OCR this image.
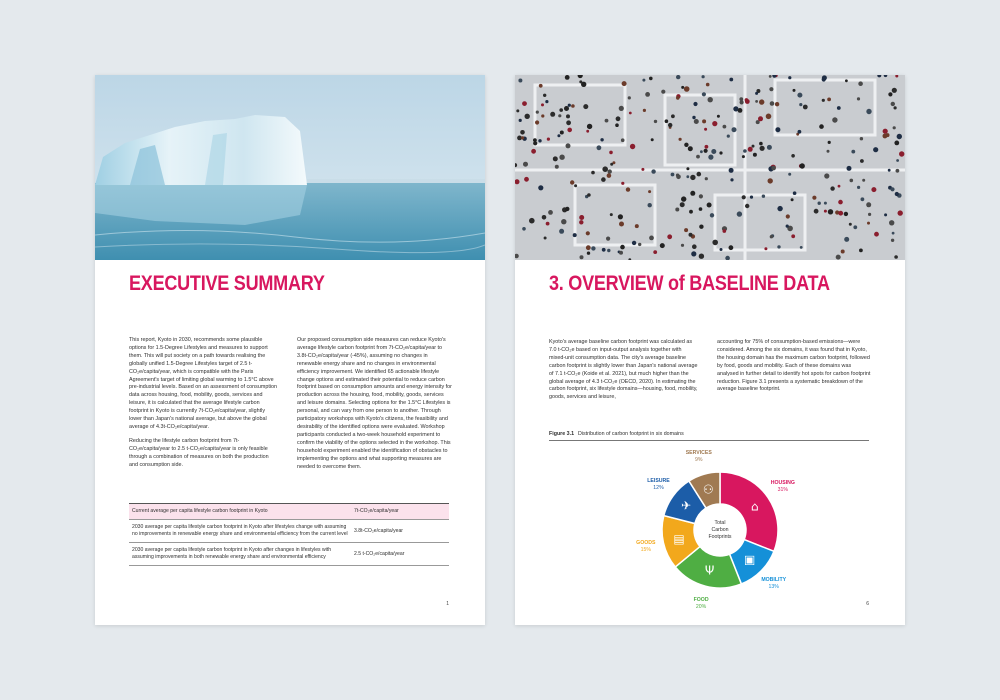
EXECUTIVE SUMMARY

This report, Kyoto in 2030, recommends some plausible options for 1.5-Degree Lifestyles and measures to support them. This will put society on a path towards realising the globally unified 1.5-Degree Lifestyles target of 2.5 t-CO₂e/capita/year, which is compatible with the Paris Agreement's target of limiting global warming to 1.5°C above pre-industrial levels. Based on an assessment of consumption data across housing, food, mobility, goods, services and leisure, it is calculated that the average lifestyle carbon footprint in Kyoto is currently 7t-CO₂e/capita/year, slightly lower than Japan's national average, but above the global average of 4.3t-CO₂e/capita/year.

Reducing the lifestyle carbon footprint from 7t-CO₂e/capita/year to 2.5 t-CO₂e/capita/year is only feasible through a combination of measures on both the production and consumption side.

Our proposed consumption side measures can reduce Kyoto's average lifestyle carbon footprint from 7t-CO₂e/capita/year to 3.8t-CO₂e/capita/year (-45%), assuming no changes in renewable energy share and no changes in environmental efficiency improvement. We identified 65 actionable lifestyle change options and estimated their potential to reduce carbon footprint based on consumption amounts and energy intensity for production across the housing, food, mobility, goods, services and leisure domains. Selecting options for the 1.5°C Lifestyles is personal, and can vary from one person to another. Through participatory workshops with Kyoto's citizens, the feasibility and desirability of the identified options were evaluated. Workshop participants conducted a two-week household experiment to confirm the viability of the options selected in the workshop. This household experiment enabled the identification of obstacles to implementing the options and what supporting measures are needed to overcome them.

Current average per capita lifestyle carbon footprint in Kyoto	7t-CO₂e/capita/year
2030 average per capita lifestyle carbon footprint in Kyoto after lifestyles change with assuming no improvements in renewable energy share and environmental efficiency from the current level	3.8t-CO₂e/capita/year
2030 average per capita lifestyle carbon footprint in Kyoto after changes in lifestyles with assuming improvements in both renewable energy share and environmental efficiency	2.5 t-CO₂e/capita/year
1
3. OVERVIEW of BASELINE DATA

Kyoto's average baseline carbon footprint was calculated as 7.0 t-CO₂e based on input-output analysis together with mixed-unit consumption data. The city's average baseline carbon footprint is slightly lower than Japan's national average of 7.1 t-CO₂e (Koide et al. 2021), but much higher than the global average of 4.3 t-CO₂e (OECD, 2020). In estimating the carbon footprint, six lifestyle domains—housing, food, mobility, goods, services and leisure,

accounting for 75% of consumption-based emissions—were considered. Among the six domains, it was found that in Kyoto, the housing domain has the maximum carbon footprint, followed by food, goods and mobility. Each of these domains was analysed in further detail to identify hot spots for carbon footprint reduction. Figure 3.1 presents a systematic breakdown of the average baseline footprint.

Figure 3.1 Distribution of carbon footprint in six domains
Total
Carbon
Footprints
⌂
▣
Ψ
▤
✈
⚇	HOUSING
31%
MOBILITY
13%
FOOD
20%
GOODS
15%
LEISURE
12%
SERVICES
9%
6
